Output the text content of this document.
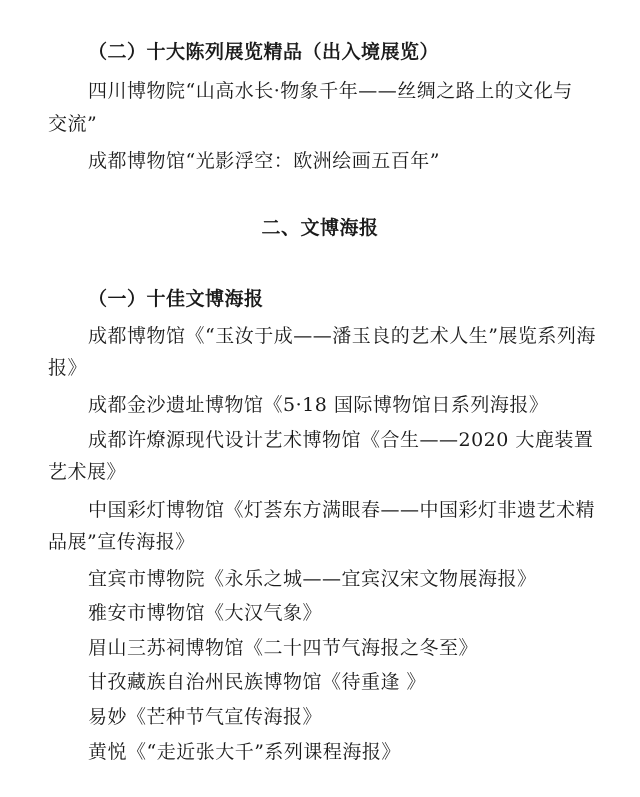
（二）十大陈列展览精品（出入境展览）
四川博物院“山高水长·物象千年——丝绸之路上的文化与
交流”
成都博物馆“光影浮空：欧洲绘画五百年”
二、文博海报
（一）十佳文博海报
成都博物馆《“玉汝于成——潘玉良的艺术人生”展览系列海
报》
成都金沙遗址博物馆《5·18 国际博物馆日系列海报》
成都许燎源现代设计艺术博物馆《合生——2020 大鹿装置
艺术展》
中国彩灯博物馆《灯荟东方满眼春——中国彩灯非遗艺术精
品展”宣传海报》
宜宾市博物院《永乐之城——宜宾汉宋文物展海报》
雅安市博物馆《大汉气象》
眉山三苏祠博物馆《二十四节气海报之冬至》
甘孜藏族自治州民族博物馆《待重逢 》
易妙《芒种节气宣传海报》
黄悦《“走近张大千”系列课程海报》
